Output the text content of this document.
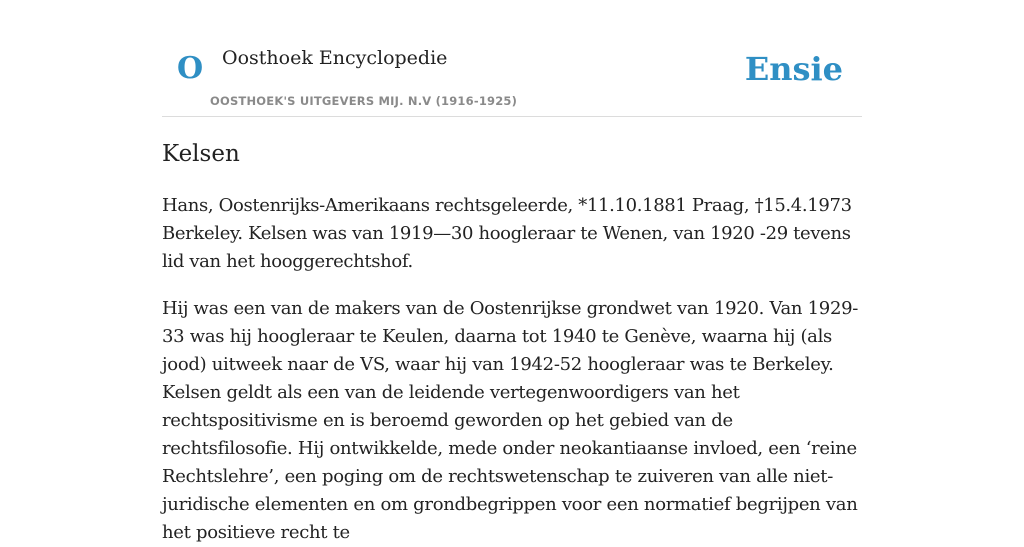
O Oosthoek Encyclopedie
OOSTHOEK'S UITGEVERS MIJ. N.V (1916-1925)
Ensie
Kelsen

Hans, Oostenrijks-Amerikaans rechtsgeleerde, *11.10.1881 Praag, †15.4.1973 Berkeley. Kelsen was van 1919—30 hoogleraar te Wenen, van 1920 -29 tevens lid van het hooggerechtshof.

Hij was een van de makers van de Oostenrijkse grondwet van 1920. Van 1929-33 was hij hoogleraar te Keulen, daarna tot 1940 te Genève, waarna hij (als jood) uitweek naar de VS, waar hij van 1942-52 hoogleraar was te Berkeley. Kelsen geldt als een van de leidende vertegenwoordigers van het rechtspositivisme en is beroemd geworden op het gebied van de rechtsfilosofie. Hij ontwikkelde, mede onder neokantiaanse invloed, een ‘reine Rechtslehre’, een poging om de rechtswetenschap te zuiveren van alle niet-juridische elementen en om grondbegrippen voor een normatief begrijpen van het positieve recht te
